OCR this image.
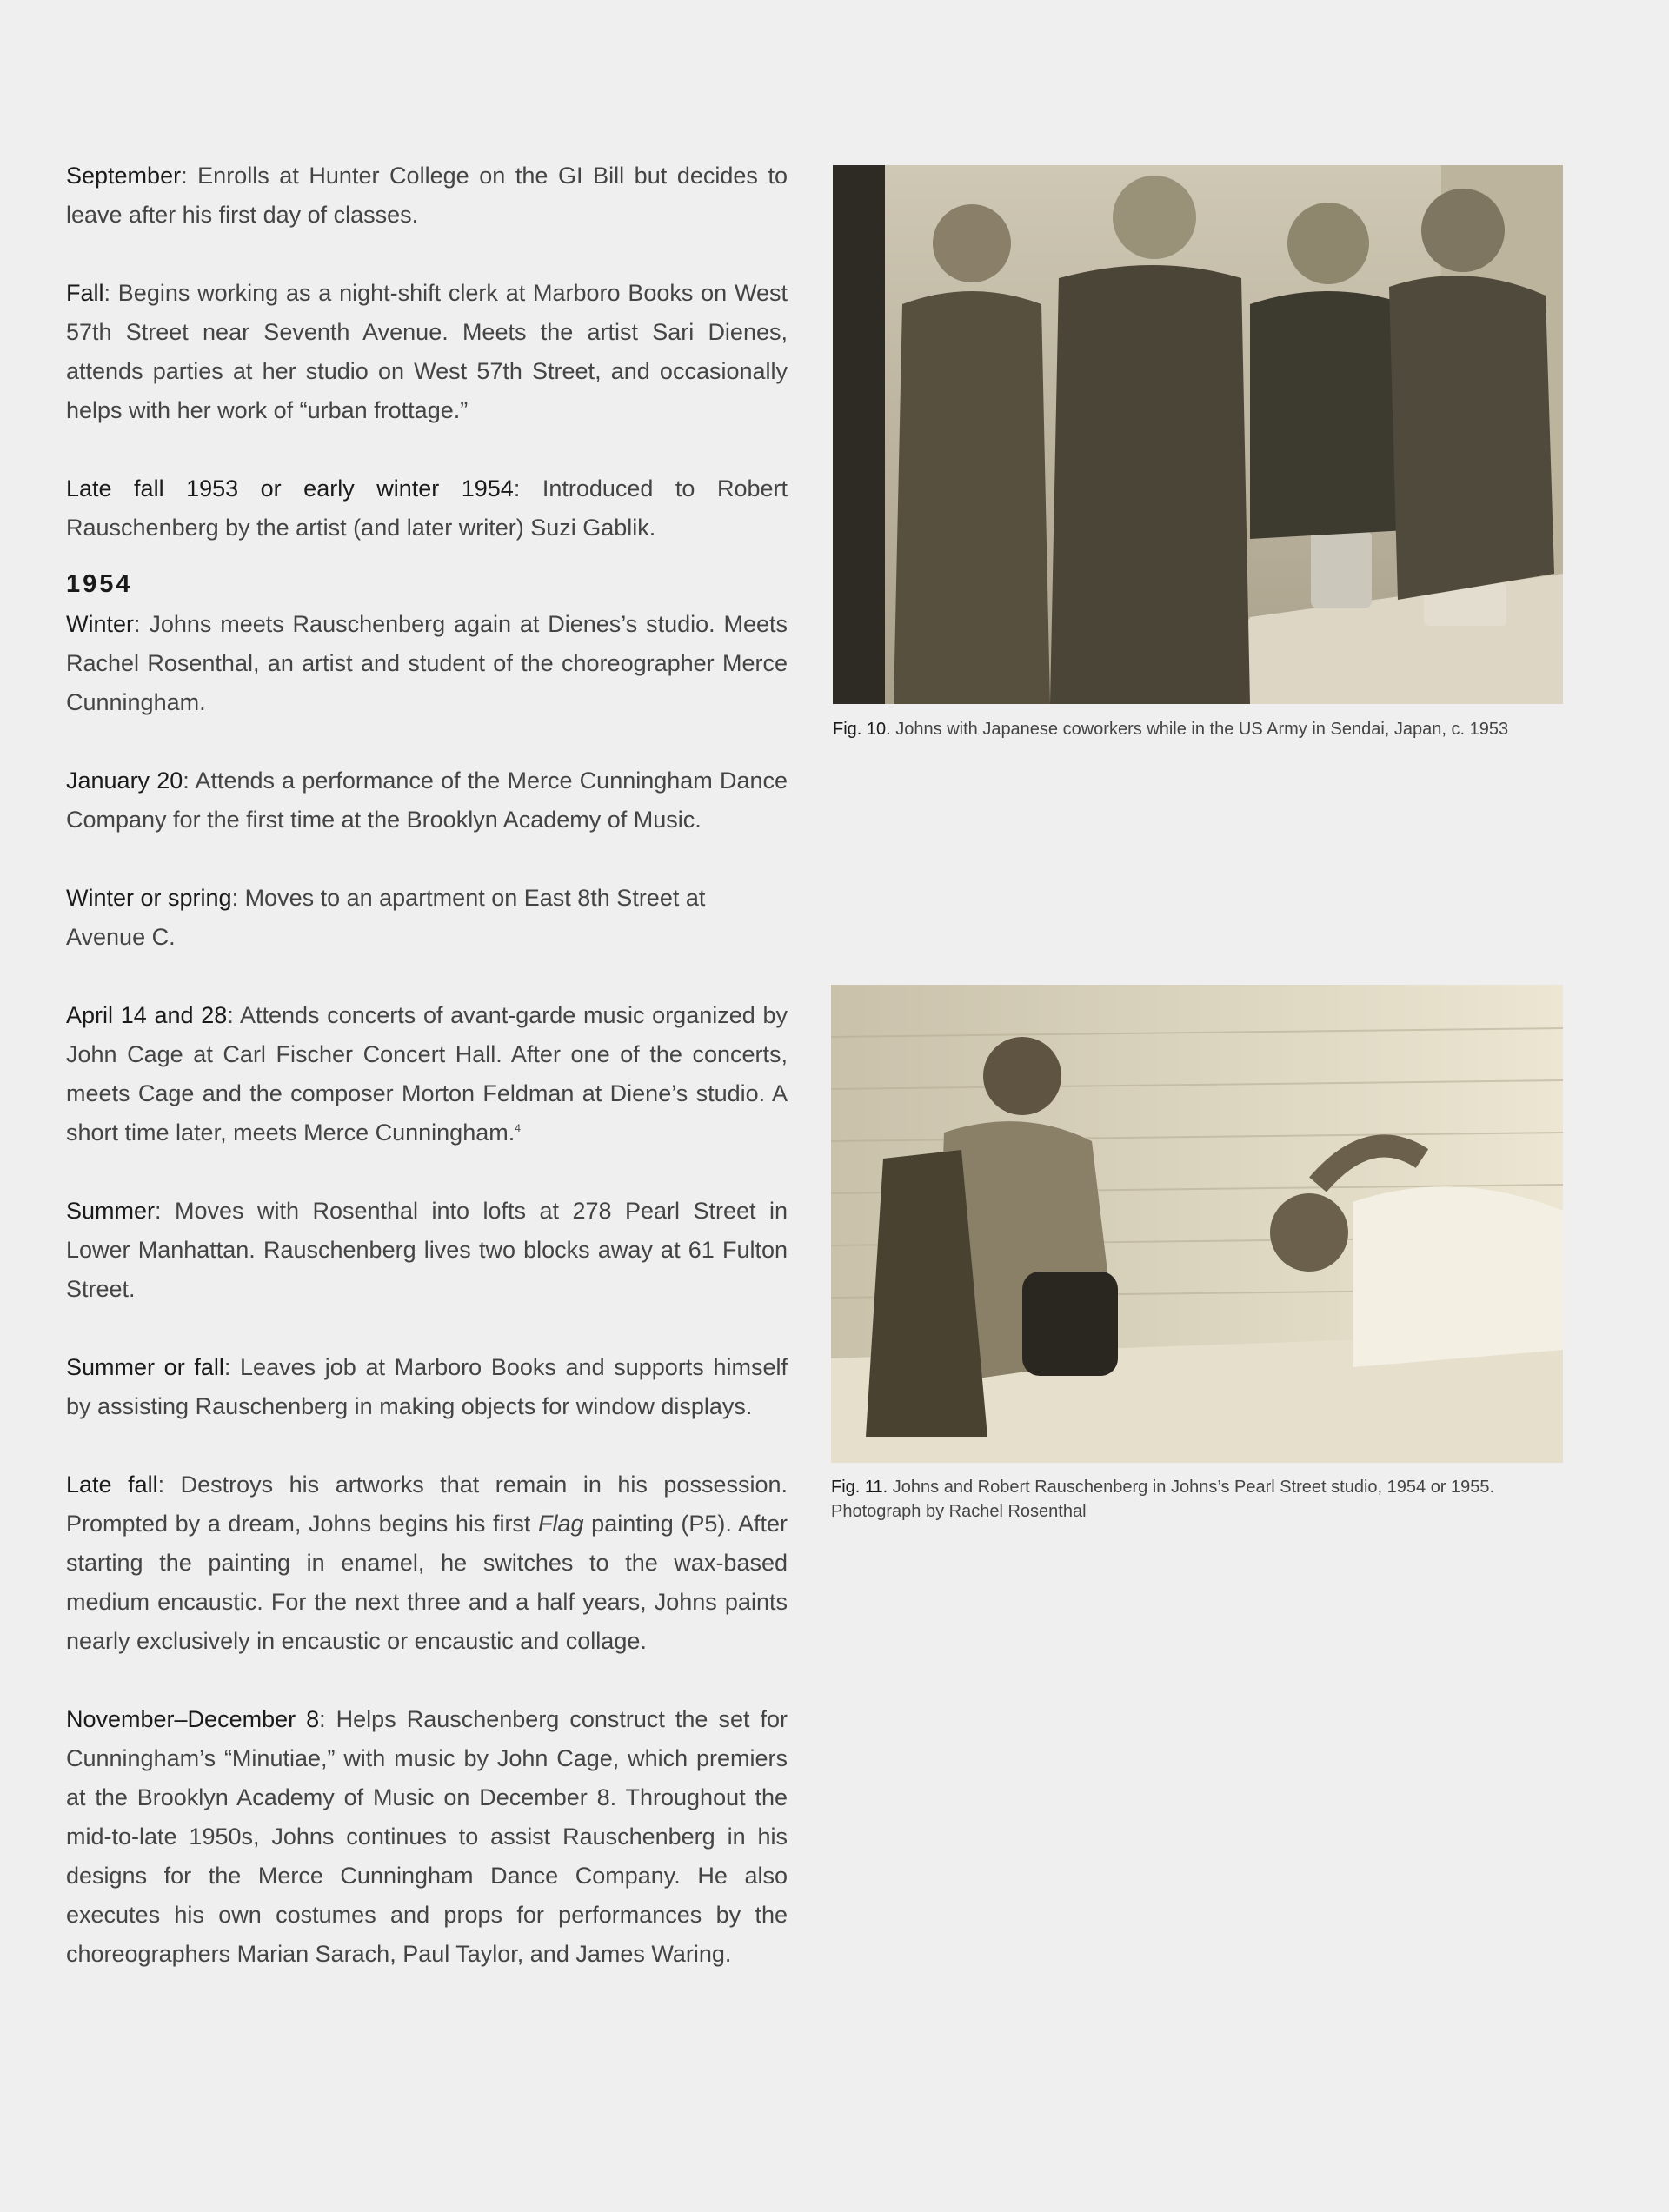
September: Enrolls at Hunter College on the GI Bill but decides to leave after his first day of classes.

Fall: Begins working as a night-shift clerk at Marboro Books on West 57th Street near Seventh Avenue. Meets the artist Sari Dienes, attends parties at her studio on West 57th Street, and occasionally helps with her work of “urban frottage.”

Late fall 1953 or early winter 1954: Introduced to Robert Rauschenberg by the artist (and later writer) Suzi Gablik.

1954

Winter: Johns meets Rauschenberg again at Dienes’s studio. Meets Rachel Rosenthal, an artist and student of the choreographer Merce Cunningham.

January 20: Attends a performance of the Merce Cunningham Dance Company for the first time at the Brooklyn Academy of Music.

Winter or spring: Moves to an apartment on East 8th Street at Avenue C.

April 14 and 28: Attends concerts of avant-garde music organized by John Cage at Carl Fischer Concert Hall. After one of the concerts, meets Cage and the composer Morton Feldman at Diene’s studio. A short time later, meets Merce Cunningham.$^4$

Summer: Moves with Rosenthal into lofts at 278 Pearl Street in Lower Manhattan. Rauschenberg lives two blocks away at 61 Fulton Street.

Summer or fall: Leaves job at Marboro Books and supports himself by assisting Rauschenberg in making objects for window displays.

Late fall: Destroys his artworks that remain in his possession. Prompted by a dream, Johns begins his first Flag painting (P5). After starting the painting in enamel, he switches to the wax-based medium encaustic. For the next three and a half years, Johns paints nearly exclusively in encaustic or encaustic and collage.

November–December 8: Helps Rauschenberg construct the set for Cunningham’s “Minutiae,” with music by John Cage, which premiers at the Brooklyn Academy of Music on December 8. Throughout the mid-to-late 1950s, Johns continues to assist Rauschenberg in his designs for the Merce Cunningham Dance Company. He also executes his own costumes and props for performances by the choreographers Marian Sarach, Paul Taylor, and James Waring.

Fig. 10. Johns with Japanese coworkers while in the US Army in Sendai, Japan, c. 1953
Fig. 11. Johns and Robert Rauschenberg in Johns’s Pearl Street studio, 1954 or 1955.
Photograph by Rachel Rosenthal
